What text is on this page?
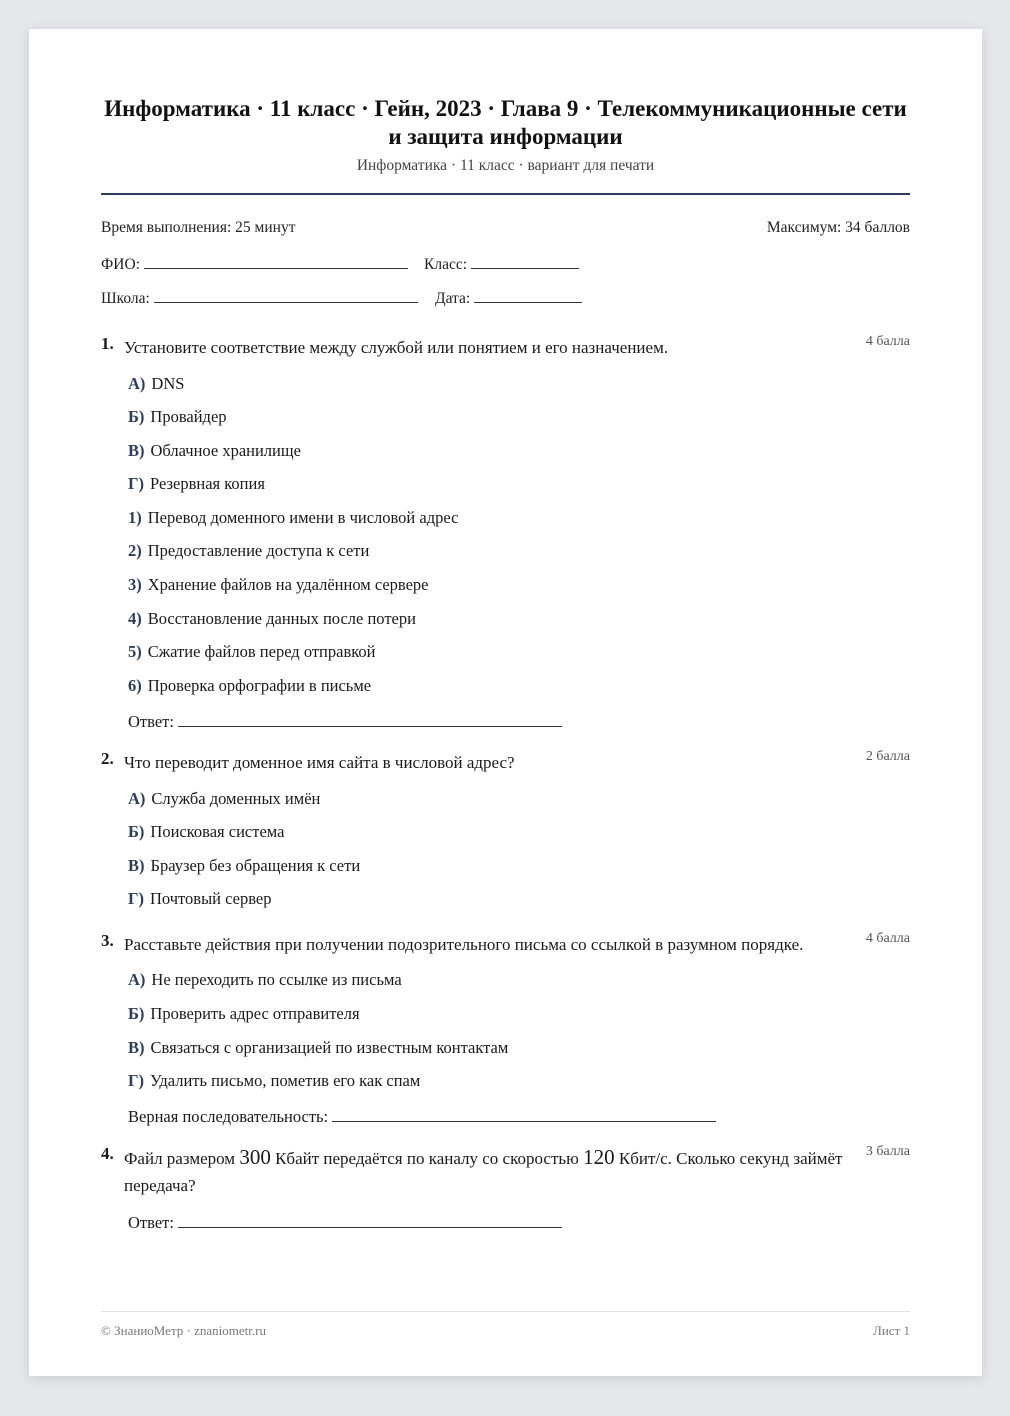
Информатика · 11 класс · Гейн, 2023 · Глава 9 · Телекоммуникационные сети и защита информации
Информатика · 11 класс · вариант для печати
Время выполнения: 25 минут	Максимум: 34 баллов
ФИО:	Класс:
Школа:	Дата:
1. Установите соответствие между службой или понятием и его назначением.	4 балла
А) DNS
Б) Провайдер
В) Облачное хранилище
Г) Резервная копия
1) Перевод доменного имени в числовой адрес
2) Предоставление доступа к сети
3) Хранение файлов на удалённом сервере
4) Восстановление данных после потери
5) Сжатие файлов перед отправкой
6) Проверка орфографии в письме
Ответ:
2. Что переводит доменное имя сайта в числовой адрес?	2 балла
А) Служба доменных имён
Б) Поисковая система
В) Браузер без обращения к сети
Г) Почтовый сервер
3. Расставьте действия при получении подозрительного письма со ссылкой в разумном порядке.	4 балла
А) Не переходить по ссылке из письма
Б) Проверить адрес отправителя
В) Связаться с организацией по известным контактам
Г) Удалить письмо, пометив его как спам
Верная последовательность:
4. Файл размером 300 Кбайт передаётся по каналу со скоростью 120 Кбит/с. Сколько секунд займёт передача?
3 балла
Ответ:
© ЗнаниоМетр · znaniometr.ru	Лист 1
